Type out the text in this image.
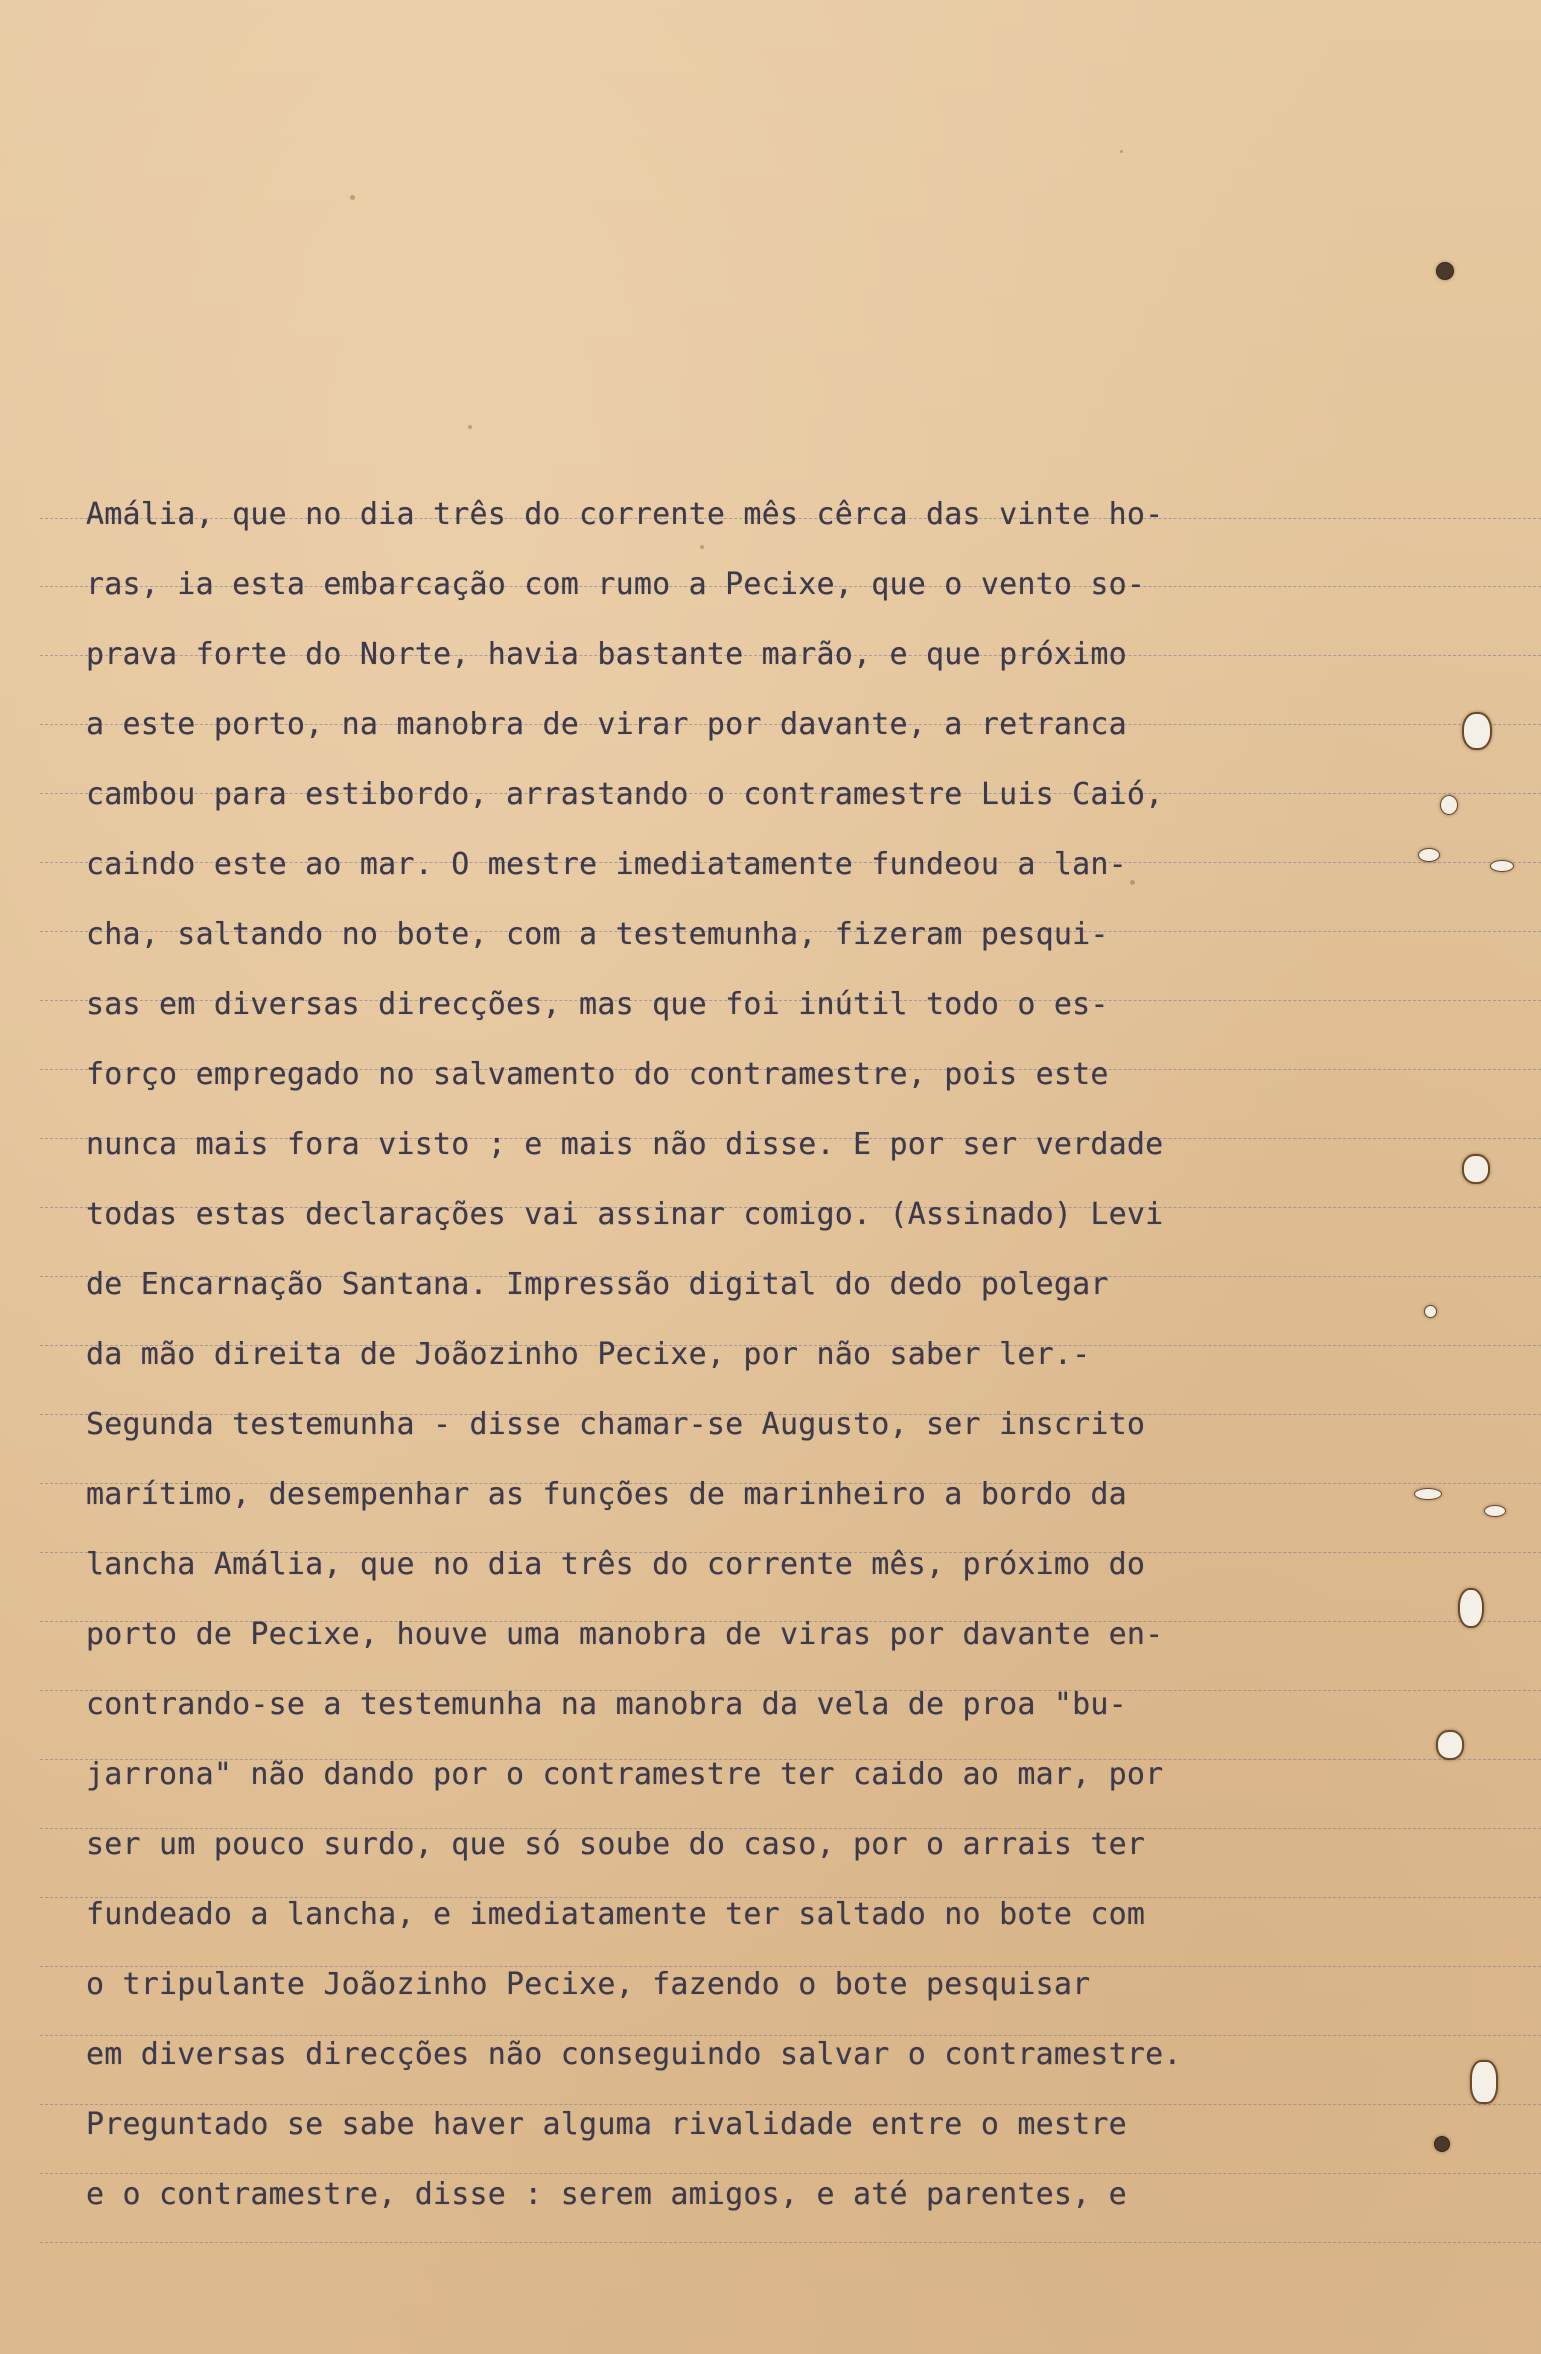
Amália, que no dia três do corrente mês cêrca das vinte ho-
ras, ia esta embarcação com rumo a Pecixe, que o vento so-
prava forte do Norte, havia bastante marão, e que próximo
a este porto, na manobra de virar por davante, a retranca
cambou para estibordo, arrastando o contramestre Luis Caió,
caindo este ao mar. O mestre imediatamente fundeou a lan-
cha, saltando no bote, com a testemunha, fizeram pesqui-
sas em diversas direcções, mas que foi inútil todo o es-
forço empregado no salvamento do contramestre, pois este
nunca mais fora visto ; e mais não disse. E por ser verdade
todas estas declarações vai assinar comigo. (Assinado) Levi
de Encarnação Santana. Impressão digital do dedo polegar
da mão direita de Joãozinho Pecixe, por não saber ler.-
Segunda testemunha - disse chamar-se Augusto, ser inscrito
marítimo, desempenhar as funções de marinheiro a bordo da
lancha Amália, que no dia três do corrente mês, próximo do
porto de Pecixe, houve uma manobra de viras por davante en-
contrando-se a testemunha na manobra da vela de proa "bu-
jarrona" não dando por o contramestre ter caido ao mar, por
ser um pouco surdo, que só soube do caso, por o arrais ter
fundeado a lancha, e imediatamente ter saltado no bote com
o tripulante Joãozinho Pecixe, fazendo o bote pesquisar
em diversas direcções não conseguindo salvar o contramestre.
Preguntado se sabe haver alguma rivalidade entre o mestre
e o contramestre, disse : serem amigos, e até parentes, e
